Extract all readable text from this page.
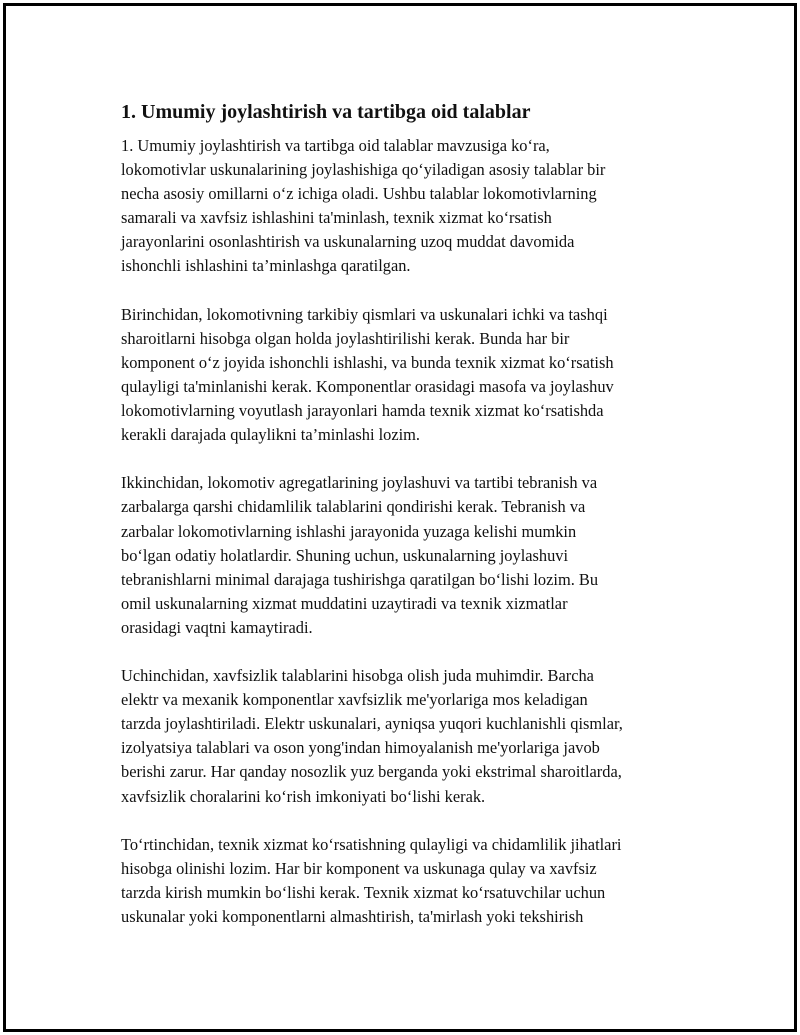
1. Umumiy joylashtirish va tartibga oid talablar

1. Umumiy joylashtirish va tartibga oid talablar mavzusiga koʻra,
lokomotivlar uskunalarining joylashishiga qoʻyiladigan asosiy talablar bir
necha asosiy omillarni oʻz ichiga oladi. Ushbu talablar lokomotivlarning
samarali va xavfsiz ishlashini ta'minlash, texnik xizmat koʻrsatish
jarayonlarini osonlashtirish va uskunalarning uzoq muddat davomida
ishonchli ishlashini ta’minlashga qaratilgan.

Birinchidan, lokomotivning tarkibiy qismlari va uskunalari ichki va tashqi
sharoitlarni hisobga olgan holda joylashtirilishi kerak. Bunda har bir
komponent oʻz joyida ishonchli ishlashi, va bunda texnik xizmat koʻrsatish
qulayligi ta'minlanishi kerak. Komponentlar orasidagi masofa va joylashuv
lokomotivlarning voyutlash jarayonlari hamda texnik xizmat koʻrsatishda
kerakli darajada qulaylikni ta’minlashi lozim.

Ikkinchidan, lokomotiv agregatlarining joylashuvi va tartibi tebranish va
zarbalarga qarshi chidamlilik talablarini qondirishi kerak. Tebranish va
zarbalar lokomotivlarning ishlashi jarayonida yuzaga kelishi mumkin
boʻlgan odatiy holatlardir. Shuning uchun, uskunalarning joylashuvi
tebranishlarni minimal darajaga tushirishga qaratilgan boʻlishi lozim. Bu
omil uskunalarning xizmat muddatini uzaytiradi va texnik xizmatlar
orasidagi vaqtni kamaytiradi.

Uchinchidan, xavfsizlik talablarini hisobga olish juda muhimdir. Barcha
elektr va mexanik komponentlar xavfsizlik me'yorlariga mos keladigan
tarzda joylashtiriladi. Elektr uskunalari, ayniqsa yuqori kuchlanishli qismlar,
izolyatsiya talablari va oson yong'indan himoyalanish me'yorlariga javob
berishi zarur. Har qanday nosozlik yuz berganda yoki ekstrimal sharoitlarda,
xavfsizlik choralarini koʻrish imkoniyati boʻlishi kerak.

Toʻrtinchidan, texnik xizmat koʻrsatishning qulayligi va chidamlilik jihatlari
hisobga olinishi lozim. Har bir komponent va uskunaga qulay va xavfsiz
tarzda kirish mumkin boʻlishi kerak. Texnik xizmat koʻrsatuvchilar uchun
uskunalar yoki komponentlarni almashtirish, ta'mirlash yoki tekshirish
